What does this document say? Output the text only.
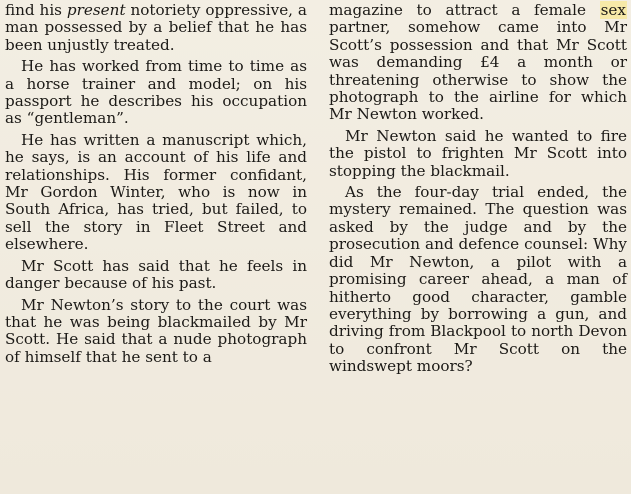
find his present notoriety oppressive, a man possessed by a belief that he has been unjustly treated.

He has worked from time to time as a horse trainer and model; on his passport he describes his occupation as “gentleman”.

He has written a manuscript which, he says, is an account of his life and relationships. His former confidant, Mr Gordon Winter, who is now in South Africa, has tried, but failed, to sell the story in Fleet Street and elsewhere.

Mr Scott has said that he feels in danger because of his past.

Mr Newton’s story to the court was that he was being blackmailed by Mr Scott. He said that a nude photograph of himself that he sent to a

magazine to attract a female sex partner, somehow came into Mr Scott’s possession and that Mr Scott was demanding £4 a month or threatening otherwise to show the photograph to the airline for which Mr Newton worked.

Mr Newton said he wanted to fire the pistol to frighten Mr Scott into stopping the blackmail.

As the four-day trial ended, the mystery remained. The question was asked by the judge and by the prosecution and defence counsel: Why did Mr Newton, a pilot with a promising career ahead, a man of hitherto good character, gamble everything by borrowing a gun, and driving from Blackpool to north Devon to confront Mr Scott on the windswept moors?
